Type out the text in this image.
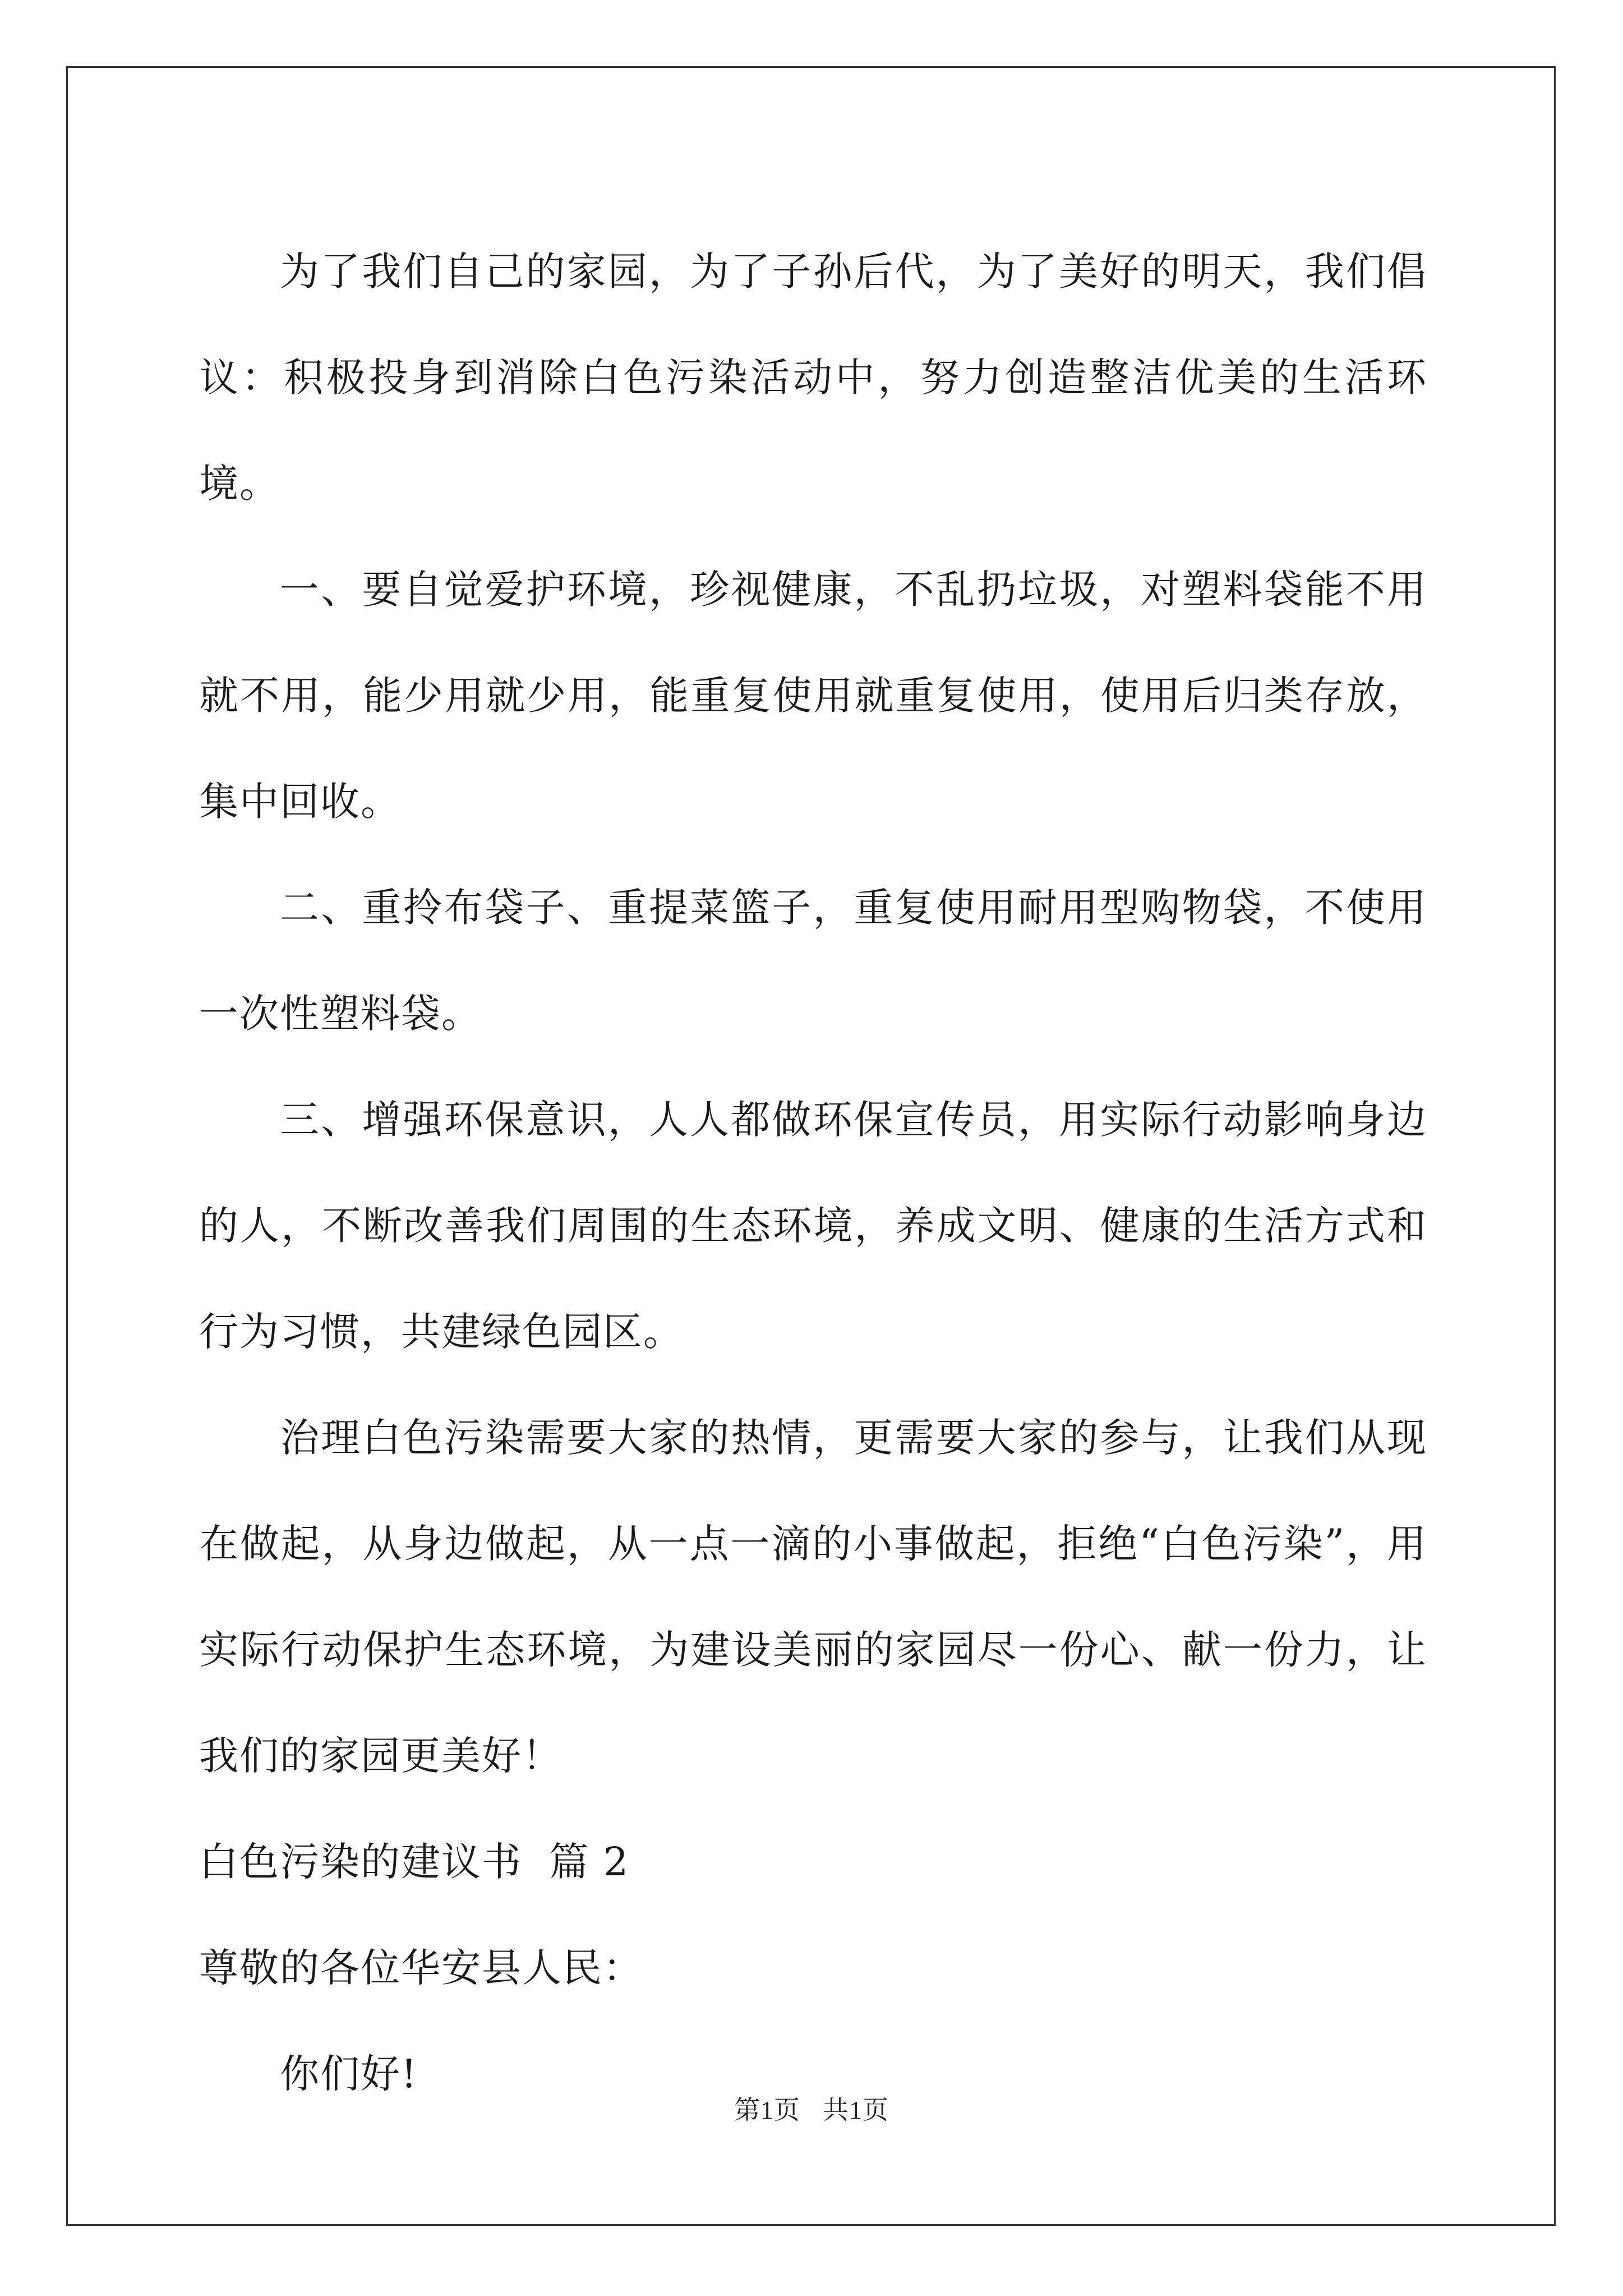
为了我们自己的家园，为了子孙后代，为了美好的明天，我们倡议：积极投身到消除白色污染活动中，努力创造整洁优美的生活环境。

一、要自觉爱护环境，珍视健康，不乱扔垃圾，对塑料袋能不用就不用，能少用就少用，能重复使用就重复使用，使用后归类存放，集中回收。

二、重拎布袋子、重提菜篮子，重复使用耐用型购物袋，不使用一次性塑料袋。

三、增强环保意识，人人都做环保宣传员，用实际行动影响身边的人，不断改善我们周围的生态环境，养成文明、健康的生活方式和行为习惯，共建绿色园区。

治理白色污染需要大家的热情，更需要大家的参与，让我们从现在做起，从身边做起，从一点一滴的小事做起，拒绝“白色污染”，用实际行动保护生态环境，为建设美丽的家园尽一份心、献一份力，让我们的家园更美好！

白色污染的建议书  篇 2

尊敬的各位华安县人民：

你们好!

第1页 共1页
